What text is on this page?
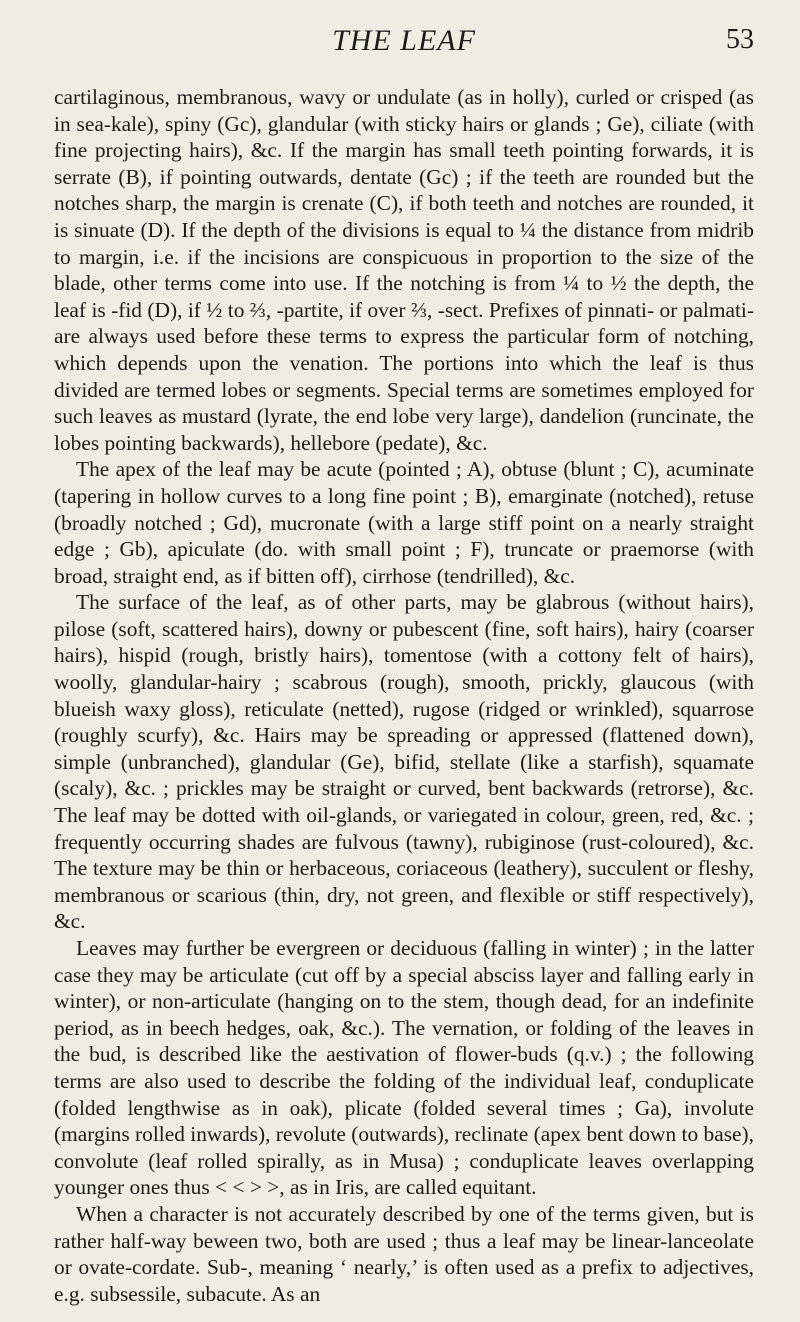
THE LEAF	53

cartilaginous, membranous, wavy or undulate (as in holly), curled or crisped (as in sea-kale), spiny (Gc), glandular (with sticky hairs or glands ; Ge), ciliate (with fine projecting hairs), &c. If the margin has small teeth pointing forwards, it is serrate (B), if pointing outwards, dentate (Gc) ; if the teeth are rounded but the notches sharp, the margin is crenate (C), if both teeth and notches are rounded, it is sinuate (D). If the depth of the divisions is equal to ¼ the distance from midrib to margin, i.e. if the incisions are conspicuous in proportion to the size of the blade, other terms come into use. If the notching is from ¼ to ½ the depth, the leaf is -fid (D), if ½ to ⅔, -partite, if over ⅔, -sect. Prefixes of pinnati- or palmati- are always used before these terms to express the particular form of notching, which depends upon the venation. The portions into which the leaf is thus divided are termed lobes or segments. Special terms are sometimes employed for such leaves as mustard (lyrate, the end lobe very large), dandelion (runcinate, the lobes pointing backwards), hellebore (pedate), &c.

The apex of the leaf may be acute (pointed ; A), obtuse (blunt ; C), acuminate (tapering in hollow curves to a long fine point ; B), emarginate (notched), retuse (broadly notched ; Gd), mucronate (with a large stiff point on a nearly straight edge ; Gb), apiculate (do. with small point ; F), truncate or praemorse (with broad, straight end, as if bitten off), cirrhose (tendrilled), &c.

The surface of the leaf, as of other parts, may be glabrous (without hairs), pilose (soft, scattered hairs), downy or pubescent (fine, soft hairs), hairy (coarser hairs), hispid (rough, bristly hairs), tomentose (with a cottony felt of hairs), woolly, glandular-hairy ; scabrous (rough), smooth, prickly, glaucous (with blueish waxy gloss), reticulate (netted), rugose (ridged or wrinkled), squarrose (roughly scurfy), &c. Hairs may be spreading or appressed (flattened down), simple (unbranched), glandular (Ge), bifid, stellate (like a starfish), squamate (scaly), &c. ; prickles may be straight or curved, bent backwards (retrorse), &c. The leaf may be dotted with oil-glands, or variegated in colour, green, red, &c. ; frequently occurring shades are fulvous (tawny), rubiginose (rust-coloured), &c. The texture may be thin or herbaceous, coriaceous (leathery), succulent or fleshy, membranous or scarious (thin, dry, not green, and flexible or stiff respectively), &c.

Leaves may further be evergreen or deciduous (falling in winter) ; in the latter case they may be articulate (cut off by a special absciss layer and falling early in winter), or non-articulate (hanging on to the stem, though dead, for an indefinite period, as in beech hedges, oak, &c.). The vernation, or folding of the leaves in the bud, is described like the aestivation of flower-buds (q.v.) ; the following terms are also used to describe the folding of the individual leaf, conduplicate (folded lengthwise as in oak), plicate (folded several times ; Ga), involute (margins rolled inwards), revolute (outwards), reclinate (apex bent down to base), convolute (leaf rolled spirally, as in Musa) ; conduplicate leaves overlapping younger ones thus < < > >, as in Iris, are called equitant.

When a character is not accurately described by one of the terms given, but is rather half-way beween two, both are used ; thus a leaf may be linear-lanceolate or ovate-cordate. Sub-, meaning ‘ nearly,’ is often used as a prefix to adjectives, e.g. subsessile, subacute. As an
